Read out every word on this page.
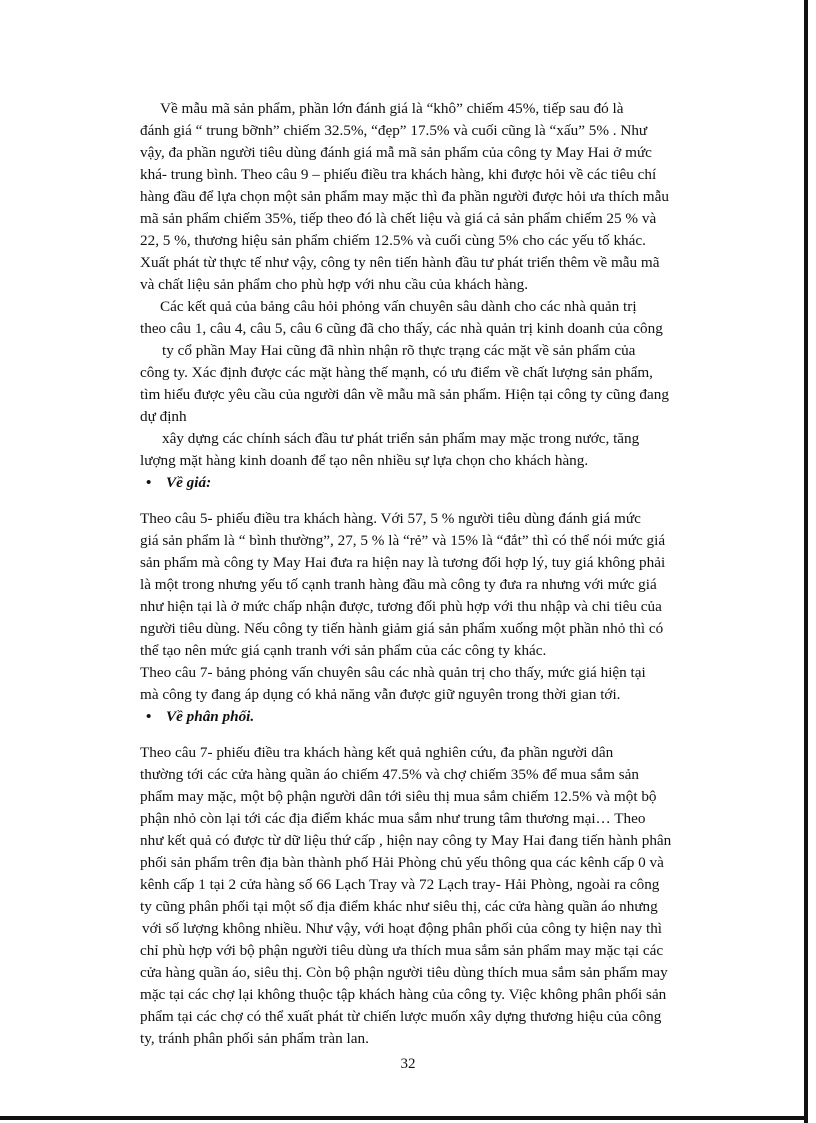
Về mẫu mã sản phẩm, phần lớn đánh giá là “khô” chiếm 45%, tiếp sau đó là
đánh giá “ trung bỡnh” chiếm 32.5%, “đẹp” 17.5% và cuối cũng là “xấu” 5% . Như
vậy, đa phần người tiêu dùng đánh giá mẫ mã sản phẩm của công ty May Hai ở mức
khá- trung bình. Theo câu 9 – phiếu điều tra khách hàng, khi được hỏi về các tiêu chí
hàng đầu để lựa chọn một sản phẩm may mặc thì đa phần người được hỏi ưa thích mẫu
mã sản phẩm chiếm 35%, tiếp theo đó là chết liệu và giá cả sản phẩm chiếm 25 % và
22, 5 %, thương hiệu sản phẩm chiếm 12.5% và cuối cùng 5% cho các yếu tố khác.
Xuất phát từ thực tế như vậy, công ty nên tiến hành đầu tư phát triển thêm về mẫu mã
và chất liệu sản phẩm cho phù hợp với nhu cầu của khách hàng.

Các kết quả của bảng câu hỏi phỏng vấn chuyên sâu dành cho các nhà quản trị
theo câu 1, câu 4, câu 5, câu 6 cũng đã cho thấy, các nhà quản trị kinh doanh của công
ty cổ phần May Hai cũng đã nhìn nhận rõ thực trạng các mặt về sản phẩm của
công ty. Xác định được các mặt hàng thế mạnh, có ưu điểm về chất lượng sản phẩm,
tìm hiểu được yêu cầu của người dân về mẫu mã sản phẩm. Hiện tại công ty cũng đang
dự định
xây dựng các chính sách đầu tư phát triển sản phẩm may mặc trong nước, tăng
lượng mặt hàng kinh doanh để tạo nên nhiều sự lựa chọn cho khách hàng.

• Về giá:

Theo câu 5- phiếu điều tra khách hàng. Với 57, 5 % người tiêu dùng đánh giá mức
giá sản phẩm là “ bình thường”, 27, 5 % là “rẻ” và 15% là “đắt” thì có thể nói mức giá
sản phẩm mà công ty May Hai đưa ra hiện nay là tương đối hợp lý, tuy giá không phải
là một trong nhưng yếu tố cạnh tranh hàng đầu mà công ty đưa ra nhưng với mức giá
như hiện tại là ở mức chấp nhận được, tương đối phù hợp với thu nhập và chi tiêu của
người tiêu dùng. Nếu công ty tiến hành giảm giá sản phẩm xuống một phần nhỏ thì có
thể tạo nên mức giá cạnh tranh với sản phẩm của các công ty khác.

Theo câu 7- bảng phỏng vấn chuyên sâu các nhà quản trị cho thấy, mức giá hiện tại
mà công ty đang áp dụng có khả năng vẫn được giữ nguyên trong thời gian tới.

• Về phân phối.

Theo câu 7- phiếu điều tra khách hàng kết quả nghiên cứu, đa phần người dân
thường tới các cửa hàng quần áo chiếm 47.5% và chợ chiếm 35% để mua sắm sản
phẩm may mặc, một bộ phận người dân tới siêu thị mua sắm chiếm 12.5% và một bộ
phận nhỏ còn lại tới các địa điểm khác mua sắm như trung tâm thương mại… Theo
như kết quả có được từ dữ liệu thứ cấp , hiện nay công ty May Hai đang tiến hành phân
phối sản phẩm trên địa bàn thành phố Hải Phòng chủ yếu thông qua các kênh cấp 0 và
kênh cấp 1 tại 2 cửa hàng số 66 Lạch Tray và 72 Lạch tray- Hải Phòng, ngoài ra công
ty cũng phân phối tại một số địa điểm khác như siêu thị, các cửa hàng quần áo nhưng
với số lượng không nhiều. Như vậy, với hoạt động phân phối của công ty hiện nay thì
chỉ phù hợp với bộ phận người tiêu dùng ưa thích mua sắm sản phẩm may mặc tại các
cửa hàng quần áo, siêu thị. Còn bộ phận người tiêu dùng thích mua sắm sản phẩm may
mặc tại các chợ lại không thuộc tập khách hàng của công ty. Việc không phân phối sản
phẩm tại các chợ có thể xuất phát từ chiến lược muốn xây dựng thương hiệu của công
ty, tránh phân phối sản phẩm tràn lan.

32
